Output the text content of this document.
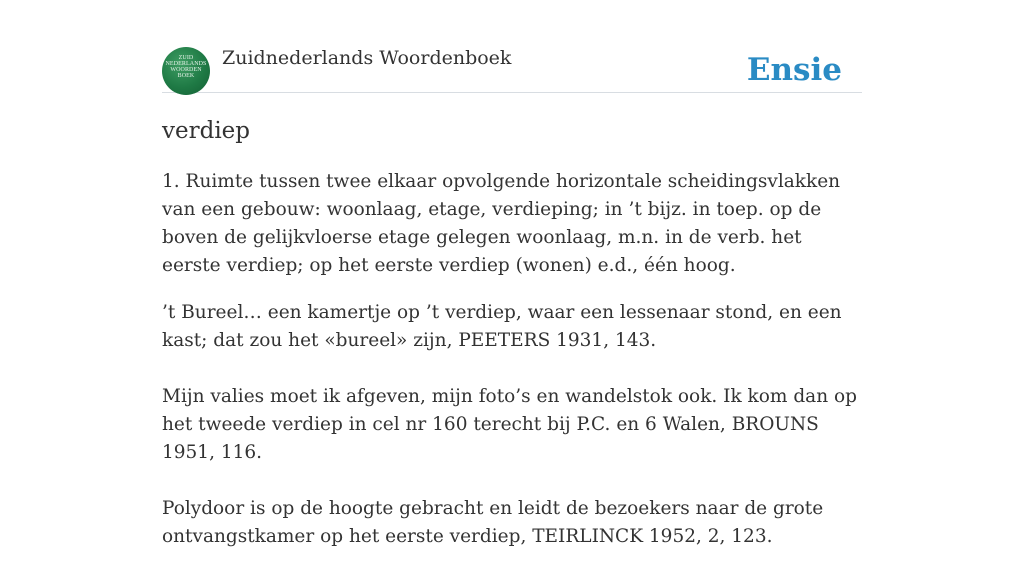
ZUID
NEDERLANDS
WOORDEN
BOEK
Zuidnederlands Woordenboek	Ensie
verdiep

1. Ruimte tussen twee elkaar opvolgende horizontale scheidingsvlakken van een gebouw: woonlaag, etage, verdieping; in ’t bijz. in toep. op de boven de gelijkvloerse etage gelegen woonlaag, m.n. in de verb. het eerste verdiep; op het eerste verdiep (wonen) e.d., één hoog.

’t Bureel… een kamertje op ’t verdiep, waar een lessenaar stond, en een kast; dat zou het «bureel» zijn, PEETERS 1931, 143.

Mijn valies moet ik afgeven, mijn foto’s en wandelstok ook. Ik kom dan op het tweede verdiep in cel nr 160 terecht bij P.C. en 6 Walen, BROUNS 1951, 116.

Polydoor is op de hoogte gebracht en leidt de bezoekers naar de grote ontvangstkamer op het eerste verdiep, TEIRLINCK 1952, 2, 123.
